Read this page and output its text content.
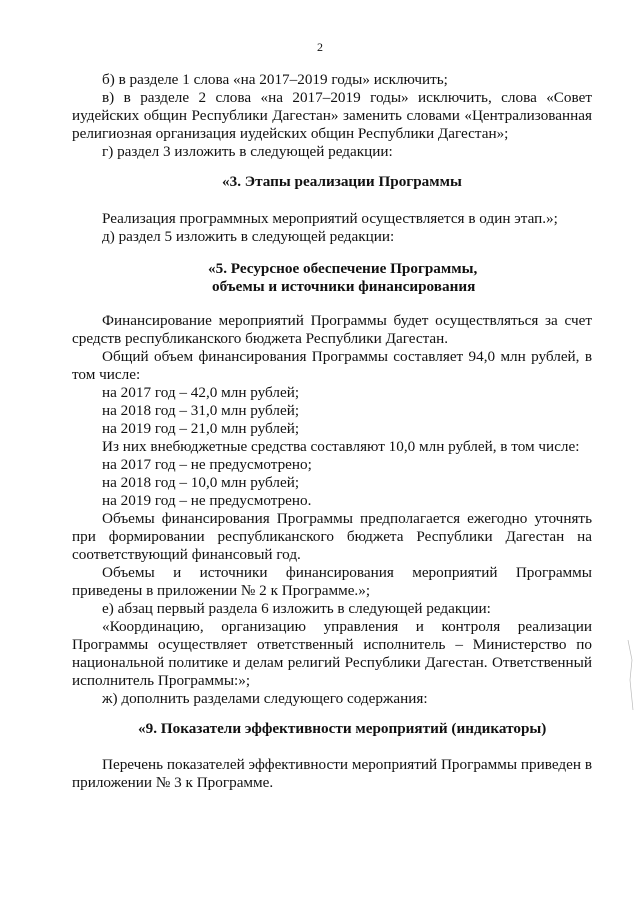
2
б) в разделе 1 слова «на 2017–2019 годы» исключить;
в) в разделе 2 слова «на 2017–2019 годы» исключить, слова «Совет
иудейских общин Республики Дагестан» заменить словами «Централизованная
религиозная организация иудейских общин Республики Дагестан»;
г) раздел 3 изложить в следующей редакции:
«3. Этапы реализации Программы
Реализация программных мероприятий осуществляется в один этап.»;
д) раздел 5 изложить в следующей редакции:
«5. Ресурсное обеспечение Программы,
объемы и источники финансирования
Финансирование мероприятий Программы будет осуществляться за счет
средств республиканского бюджета Республики Дагестан.
Общий объем финансирования Программы составляет 94,0 млн рублей, в
том числе:
на 2017 год – 42,0 млн рублей;
на 2018 год – 31,0 млн рублей;
на 2019 год – 21,0 млн рублей;
Из них внебюджетные средства составляют 10,0 млн рублей, в том числе:
на 2017 год – не предусмотрено;
на 2018 год – 10,0 млн рублей;
на 2019 год – не предусмотрено.
Объемы финансирования Программы предполагается ежегодно уточнять
при формировании республиканского бюджета Республики Дагестан на
соответствующий финансовый год.
Объемы и источники финансирования мероприятий Программы
приведены в приложении № 2 к Программе.»;
е) абзац первый раздела 6 изложить в следующей редакции:
«Координацию, организацию управления и контроля реализации
Программы осуществляет ответственный исполнитель – Министерство по
национальной политике и делам религий Республики Дагестан. Ответственный
исполнитель Программы:»;
ж) дополнить разделами следующего содержания:
«9. Показатели эффективности мероприятий (индикаторы)
Перечень показателей эффективности мероприятий Программы приведен в
приложении № 3 к Программе.
